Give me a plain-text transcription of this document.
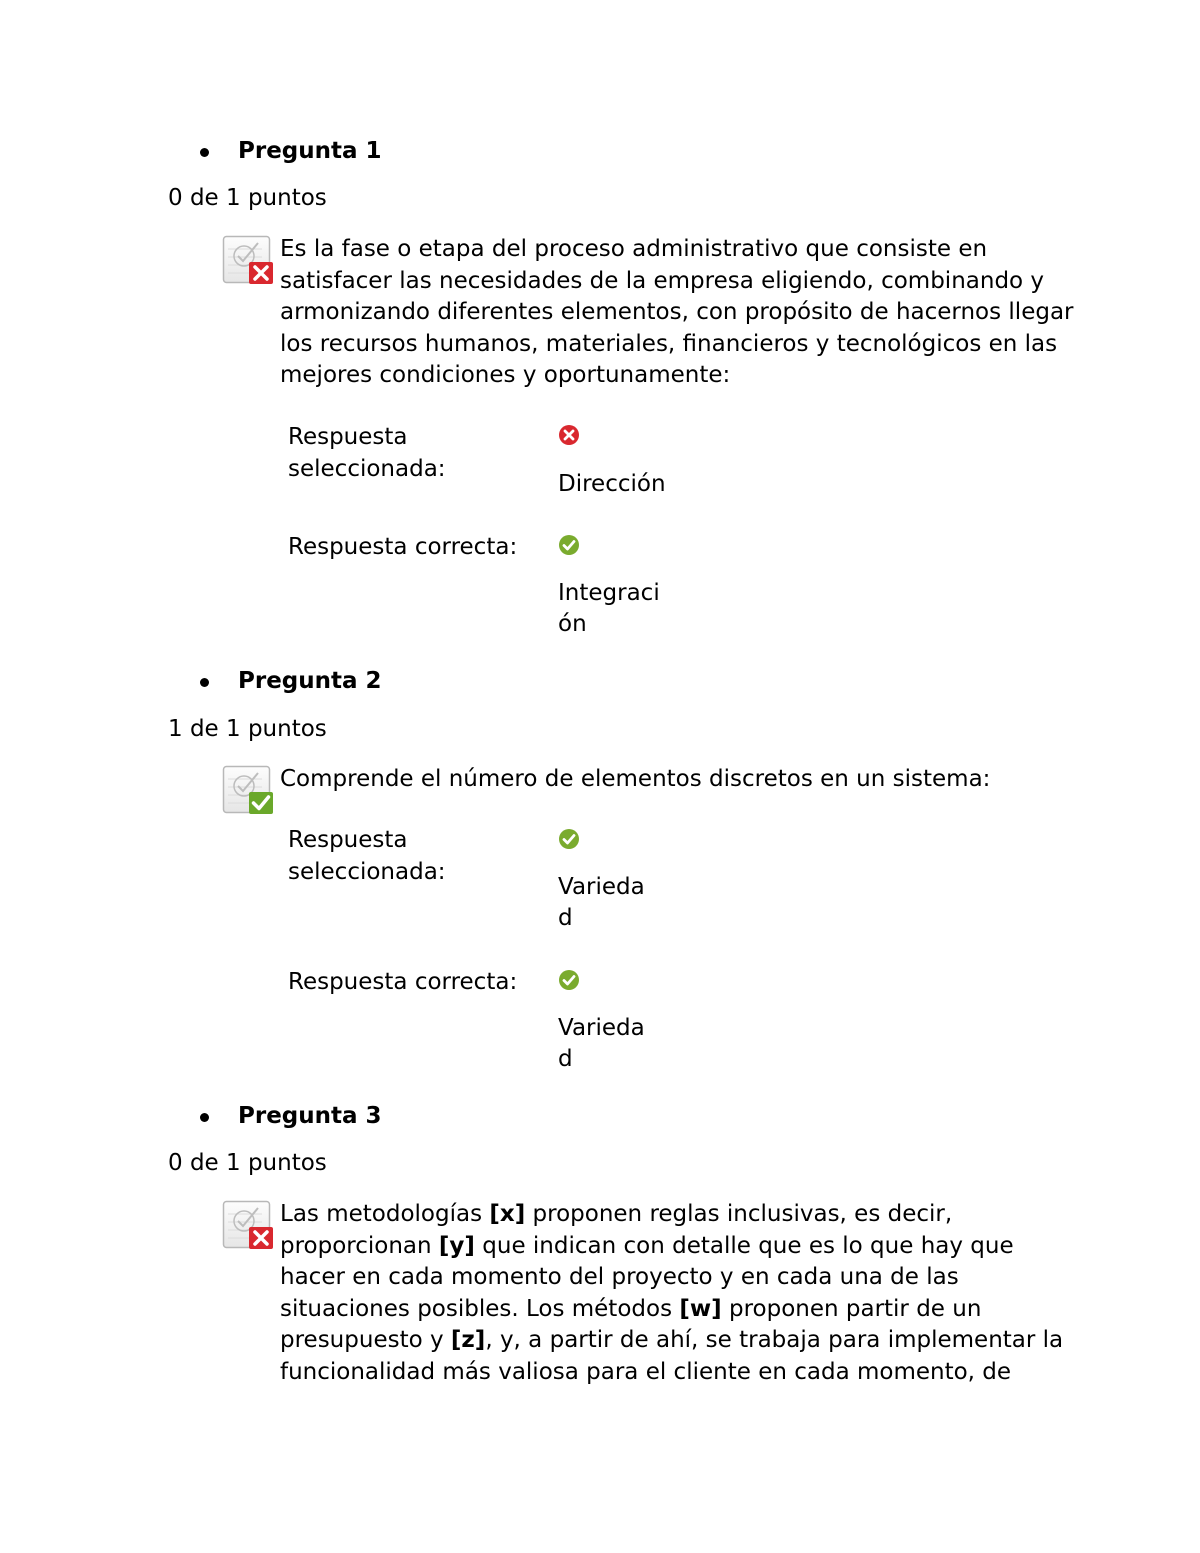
Pregunta 1
0 de 1 puntos
Es la fase o etapa del proceso administrativo que consiste en satisfacer las necesidades de la empresa eligiendo, combinando y armonizando diferentes elementos, con propósito de hacernos llegar los recursos humanos, materiales, financieros y tecnológicos en las mejores condiciones y oportunamente:
Respuesta seleccionada:
Dirección
Respuesta correcta:
Integración
Pregunta 2
1 de 1 puntos
Comprende el número de elementos discretos en un sistema:
Respuesta seleccionada:
Variedad
Respuesta correcta:
Variedad
Pregunta 3
0 de 1 puntos
Las metodologías [x] proponen reglas inclusivas, es decir, proporcionan [y] que indican con detalle que es lo que hay que hacer en cada momento del proyecto y en cada una de las situaciones posibles. Los métodos [w] proponen partir de un presupuesto y [z], y, a partir de ahí, se trabaja para implementar la funcionalidad más valiosa para el cliente en cada momento, de
